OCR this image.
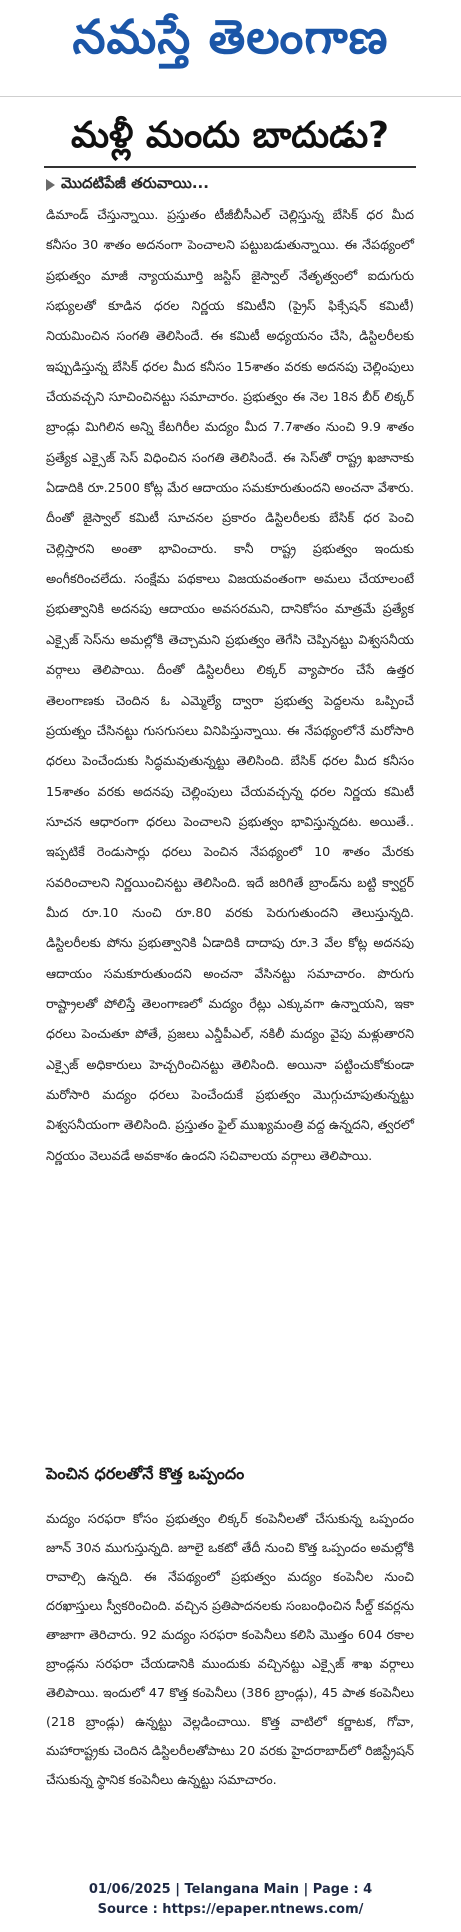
నమస్తే తెలంగాణ
మళ్లీ మందు బాదుడు?
మొదటిపేజీ తరువాయి...

డిమాండ్ చేస్తున్నాయి. ప్రస్తుతం టీజీబీసీఎల్ చెల్లిస్తున్న బేసిక్ ధర మీద కనీసం 30 శాతం అదనంగా పెంచాలని పట్టుబడుతున్నాయి. ఈ నేపథ్యంలో ప్రభుత్వం మాజీ న్యాయమూర్తి జస్టిస్ జైస్వాల్ నేతృత్వంలో ఐదుగురు సభ్యులతో కూడిన ధరల నిర్ణయ కమిటీని (ప్రైస్ ఫిక్సేషన్ కమిటీ) నియమించిన సంగతి తెలిసిందే. ఈ కమిటీ అధ్యయనం చేసి, డిస్టిలరీలకు ఇప్పుడిస్తున్న బేసిక్ ధరల మీద కనీసం 15శాతం వరకు అదనపు చెల్లింపులు చేయవచ్చని సూచించినట్టు సమాచారం. ప్రభుత్వం ఈ నెల 18న బీర్ లిక్కర్ బ్రాండ్లు మిగిలిన అన్ని కేటగిరీల మద్యం మీద 7.7శాతం నుంచి 9.9 శాతం ప్రత్యేక ఎక్సైజ్ సెస్ విధించిన సంగతి తెలిసిందే. ఈ సెస్‌తో రాష్ట్ర ఖజానాకు ఏడాదికి రూ.2500 కోట్ల మేర ఆదాయం సమకూరుతుందని అంచనా వేశారు. దీంతో జైస్వాల్ కమిటీ సూచనల ప్రకారం డిస్టిలరీలకు బేసిక్ ధర పెంచి చెల్లిస్తారని అంతా భావించారు. కానీ రాష్ట్ర ప్రభుత్వం ఇందుకు అంగీకరించలేదు. సంక్షేమ పథకాలు విజయవంతంగా అమలు చేయాలంటే ప్రభుత్వానికి అదనపు ఆదాయం అవసరమని, దానికోసం మాత్రమే ప్రత్యేక ఎక్సైజ్ సెస్‌ను అమల్లోకి తెచ్చామని ప్రభుత్వం తెగేసి చెప్పినట్టు విశ్వసనీయ వర్గాలు తెలిపాయి. దీంతో డిస్టిలరీలు లిక్కర్ వ్యాపారం చేసే ఉత్తర తెలంగాణకు చెందిన ఓ ఎమ్మెల్యే ద్వారా ప్రభుత్వ పెద్దలను ఒప్పించే ప్రయత్నం చేసినట్టు గుసగుసలు వినిపిస్తున్నాయి. ఈ నేపథ్యంలోనే మరోసారి ధరలు పెంచేందుకు సిద్ధమవుతున్నట్టు తెలిసింది. బేసిక్ ధరల మీద కనీసం 15శాతం వరకు అదనపు చెల్లింపులు చేయవచ్చన్న ధరల నిర్ణయ కమిటీ సూచన ఆధారంగా ధరలు పెంచాలని ప్రభుత్వం భావిస్తున్నదట. అయితే.. ఇప్పటికే రెండుసార్లు ధరలు పెంచిన నేపథ్యంలో 10 శాతం మేరకు సవరించాలని నిర్ణయించినట్టు తెలిసింది. ఇదే జరిగితే బ్రాండ్‌ను బట్టి క్వార్టర్ మీద రూ.10 నుంచి రూ.80 వరకు పెరుగుతుందని తెలుస్తున్నది. డిస్టిలరీలకు పోను ప్రభుత్వానికి ఏడాదికి దాదాపు రూ.3 వేల కోట్ల అదనపు ఆదాయం సమకూరుతుందని అంచనా వేసినట్టు సమాచారం. పొరుగు రాష్ట్రాలతో పోలిస్తే తెలంగాణలో మద్యం రేట్లు ఎక్కువగా ఉన్నాయని, ఇకా ధరలు పెంచుతూ పోతే, ప్రజలు ఎన్డీపీఎల్, నకిలీ మద్యం వైపు మళ్లుతారని ఎక్సైజ్ అధికారులు హెచ్చరించినట్టు తెలిసింది. అయినా పట్టించుకోకుండా మరోసారి మద్యం ధరలు పెంచేందుకే ప్రభుత్వం మొగ్గుచూపుతున్నట్టు విశ్వసనీయంగా తెలిసింది. ప్రస్తుతం ఫైల్ ముఖ్యమంత్రి వద్ద ఉన్నదని, త్వరలో నిర్ణయం వెలువడే అవకాశం ఉందని సచివాలయ వర్గాలు తెలిపాయి.

పెంచిన ధరలతోనే కొత్త ఒప్పందం

మద్యం సరఫరా కోసం ప్రభుత్వం లిక్కర్ కంపెనీలతో చేసుకున్న ఒప్పందం జూన్ 30న ముగుస్తున్నది. జూలై ఒకటో తేదీ నుంచి కొత్త ఒప్పందం అమల్లోకి రావాల్సి ఉన్నది. ఈ నేపథ్యంలో ప్రభుత్వం మద్యం కంపెనీల నుంచి దరఖాస్తులు స్వీకరించింది. వచ్చిన ప్రతిపాదనలకు సంబంధించిన సీల్డ్ కవర్లను తాజాగా తెరిచారు. 92 మద్యం సరఫరా కంపెనీలు కలిసి మొత్తం 604 రకాల బ్రాండ్లను సరఫరా చేయడానికి ముందుకు వచ్చినట్టు ఎక్సైజ్ శాఖ వర్గాలు తెలిపాయి. ఇందులో 47 కొత్త కంపెనీలు (386 బ్రాండ్లు), 45 పాత కంపెనీలు (218 బ్రాండ్లు) ఉన్నట్టు వెల్లడించాయి. కొత్త వాటిలో కర్ణాటక, గోవా, మహారాష్ట్రకు చెందిన డిస్టిలరీలతోపాటు 20 వరకు హైదరాబాద్‌లో రిజిస్ట్రేషన్ చేసుకున్న స్థానిక కంపెనీలు ఉన్నట్టు సమాచారం.

01/06/2025 | Telangana Main | Page : 4
Source : https://epaper.ntnews.com/
